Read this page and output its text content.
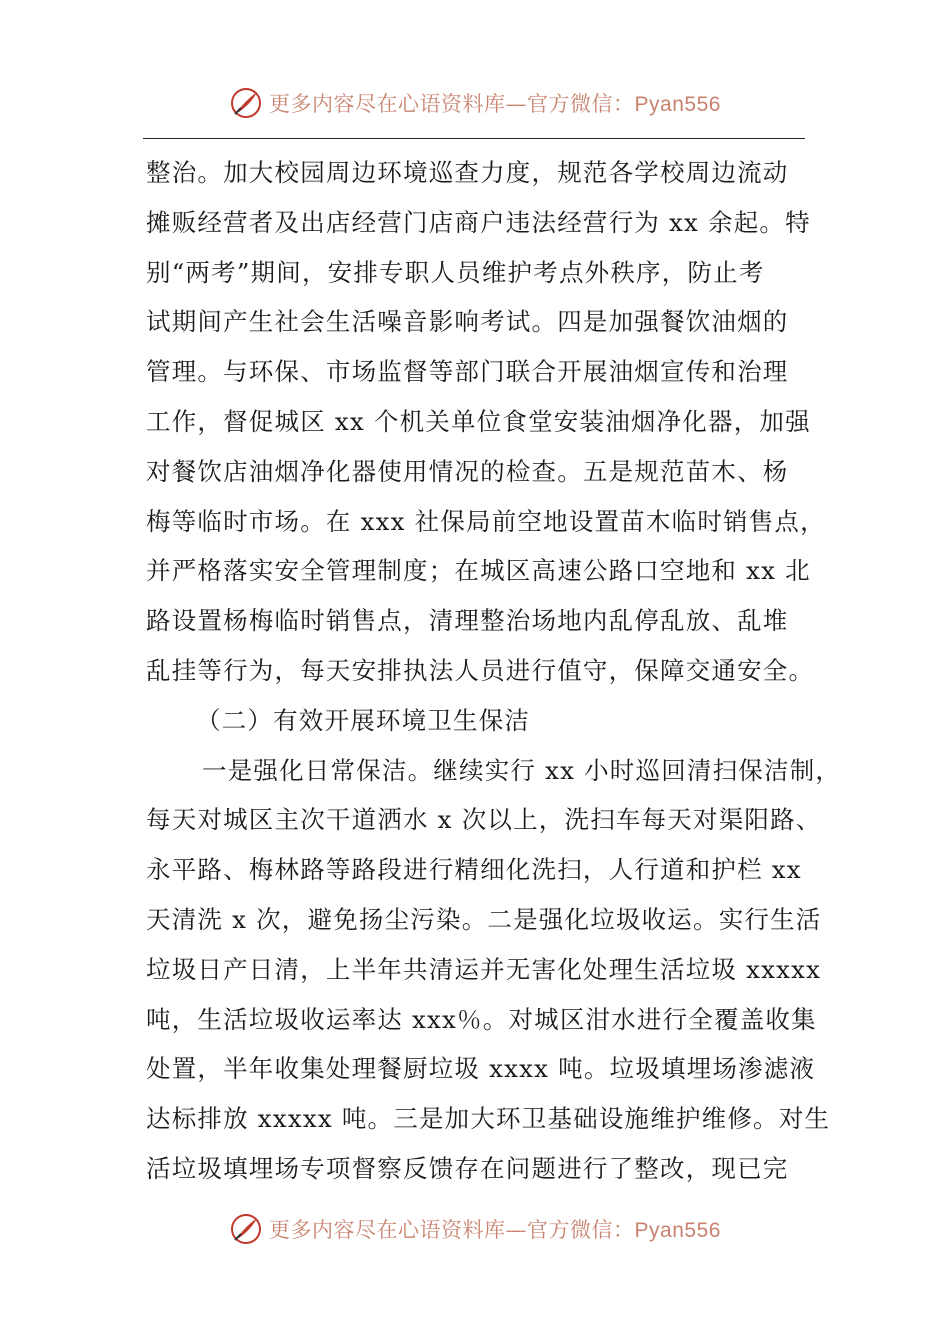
更多内容尽在心语资料库—官方微信：Pyan556
整治。加大校园周边环境巡查力度，规范各学校周边流动
摊贩经营者及出店经营门店商户违法经营行为 xx 余起。特
别“两考”期间，安排专职人员维护考点外秩序，防止考
试期间产生社会生活噪音影响考试。四是加强餐饮油烟的
管理。与环保、市场监督等部门联合开展油烟宣传和治理
工作，督促城区 xx 个机关单位食堂安装油烟净化器，加强
对餐饮店油烟净化器使用情况的检查。五是规范苗木、杨
梅等临时市场。在 xxx 社保局前空地设置苗木临时销售点，
并严格落实安全管理制度；在城区高速公路口空地和 xx 北
路设置杨梅临时销售点，清理整治场地内乱停乱放、乱堆
乱挂等行为，每天安排执法人员进行值守，保障交通安全。
（二）有效开展环境卫生保洁
一是强化日常保洁。继续实行 xx 小时巡回清扫保洁制，
每天对城区主次干道洒水 x 次以上，洗扫车每天对渠阳路、
永平路、梅林路等路段进行精细化洗扫，人行道和护栏 xx
天清洗 x 次，避免扬尘污染。二是强化垃圾收运。实行生活
垃圾日产日清，上半年共清运并无害化处理生活垃圾 xxxxx
吨，生活垃圾收运率达 xxx％。对城区泔水进行全覆盖收集
处置，半年收集处理餐厨垃圾 xxxx 吨。垃圾填埋场渗滤液
达标排放 xxxxx 吨。三是加大环卫基础设施维护维修。对生
活垃圾填埋场专项督察反馈存在问题进行了整改，现已完
更多内容尽在心语资料库—官方微信：Pyan556
